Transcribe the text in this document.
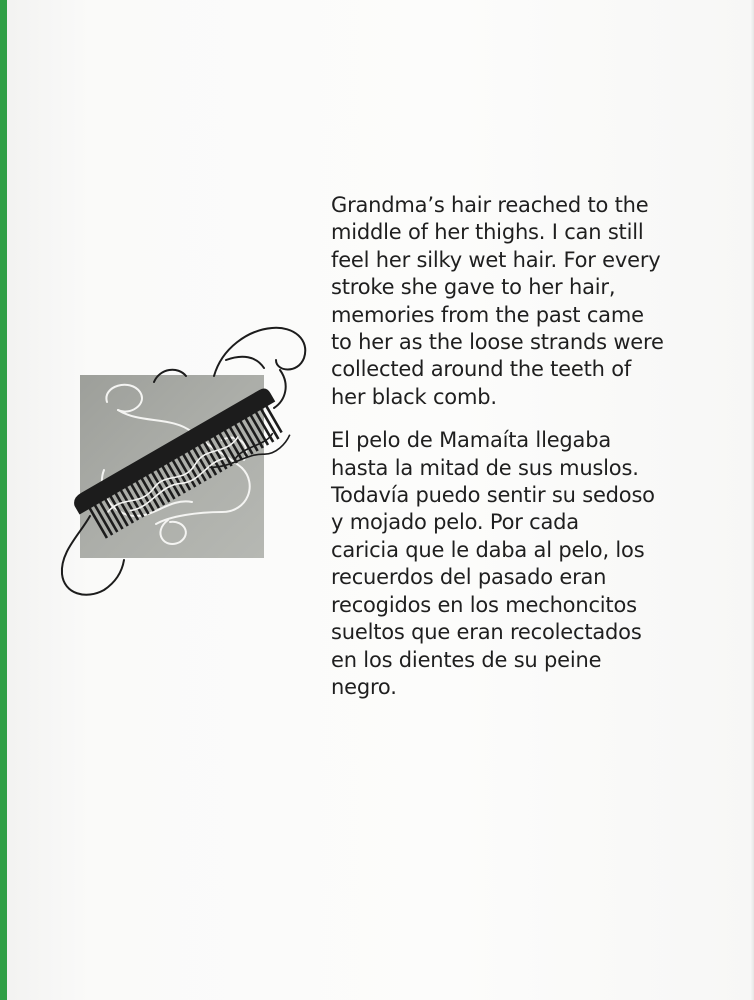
Grandma’s hair reached to the
middle of her thighs. I can still
feel her silky wet hair. For every
stroke she gave to her hair,
memories from the past came
to her as the loose strands were
collected around the teeth of
her black comb.

El pelo de Mamaíta llegaba
hasta la mitad de sus muslos.
Todavía puedo sentir su sedoso
y mojado pelo. Por cada
caricia que le daba al pelo, los
recuerdos del pasado eran
recogidos en los mechoncitos
sueltos que eran recolectados
en los dientes de su peine
negro.
